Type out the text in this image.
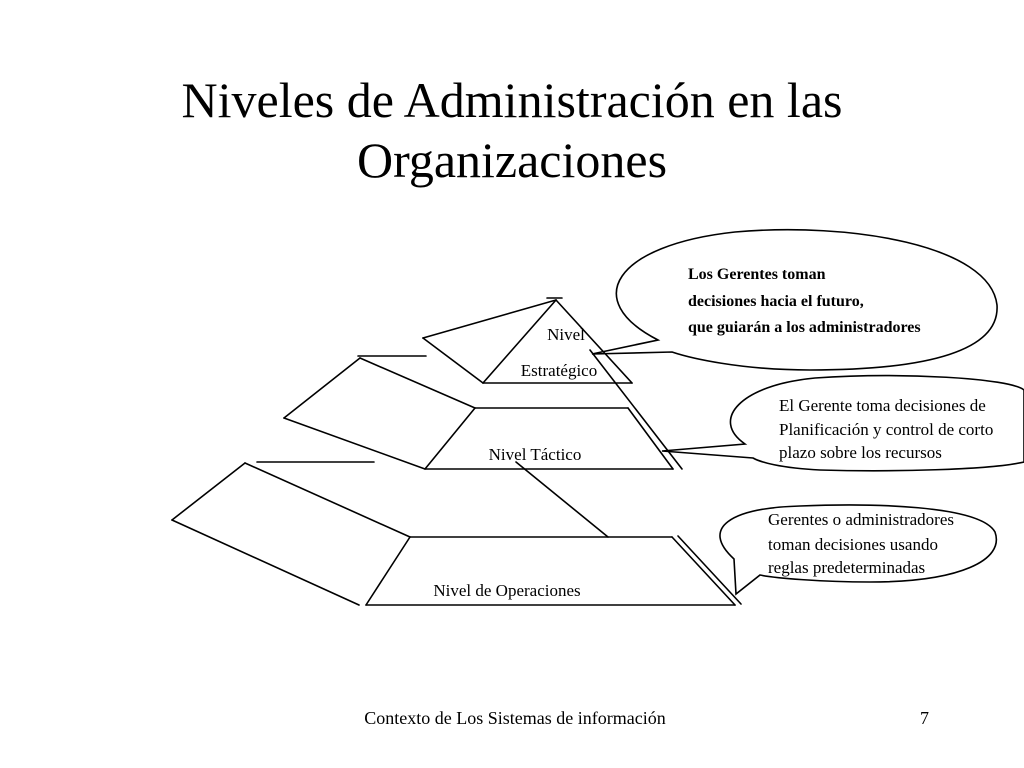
Niveles de Administración en las Organizaciones
Nivel
Estratégico
Nivel Táctico
Nivel de Operaciones
Los Gerentes toman
decisiones hacia el futuro,
que guiarán a los administradores
El Gerente toma decisiones de
Planificación y control de corto
plazo sobre los recursos
Gerentes o administradores
toman decisiones usando
reglas predeterminadas
Contexto de Los Sistemas de información	7
